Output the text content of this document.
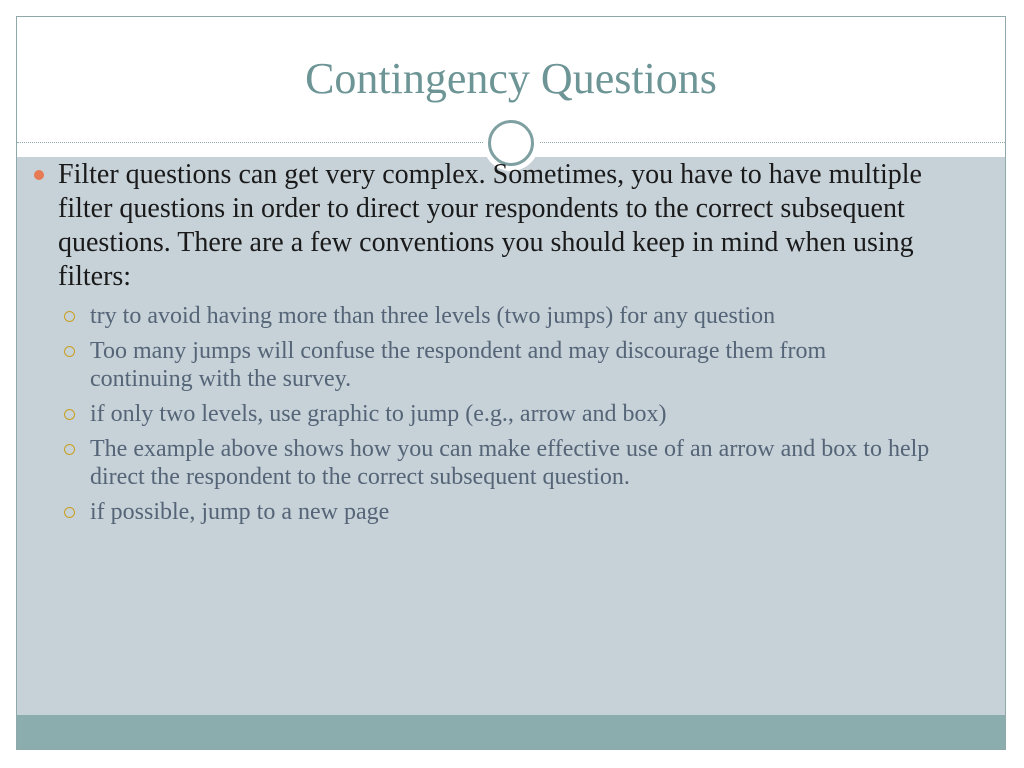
Contingency Questions
Filter questions can get very complex. Sometimes, you have to have multiple filter questions in order to direct your respondents to the correct subsequent questions. There are a few conventions you should keep in mind when using filters:
try to avoid having more than three levels (two jumps) for any question
Too many jumps will confuse the respondent and may discourage them from continuing with the survey.
if only two levels, use graphic to jump (e.g., arrow and box)
The example above shows how you can make effective use of an arrow and box to help direct the respondent to the correct subsequent question.
if possible, jump to a new page
